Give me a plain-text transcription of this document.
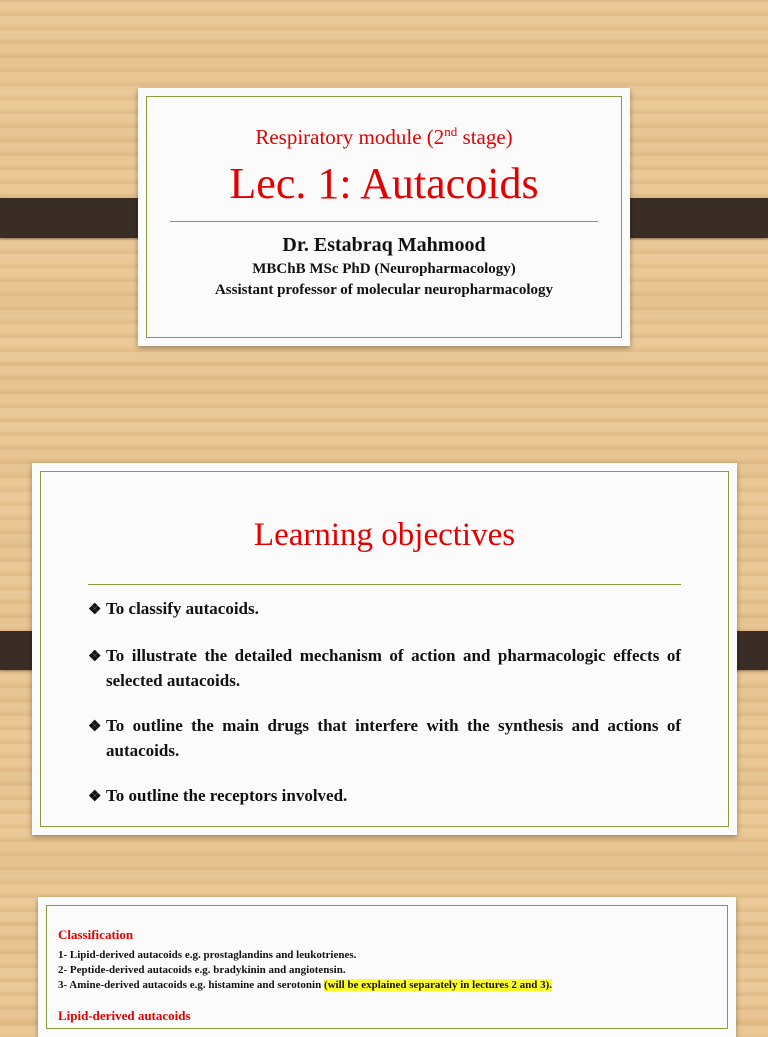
Respiratory module (2nd stage)
Lec. 1: Autacoids
Dr. Estabraq Mahmood
MBChB MSc PhD (Neuropharmacology)
Assistant professor of molecular neuropharmacology
Learning objectives
❖ To classify autacoids.
❖ To illustrate the detailed mechanism of action and pharmacologic effects of selected autacoids.
❖ To outline the main drugs that interfere with the synthesis and actions of autacoids.
❖ To outline the receptors involved.
Classification
1- Lipid-derived autacoids e.g. prostaglandins and leukotrienes.
2- Peptide-derived autacoids e.g. bradykinin and angiotensin.
3- Amine-derived autacoids e.g. histamine and serotonin (will be explained separately in lectures 2 and 3).
Lipid-derived autacoids
